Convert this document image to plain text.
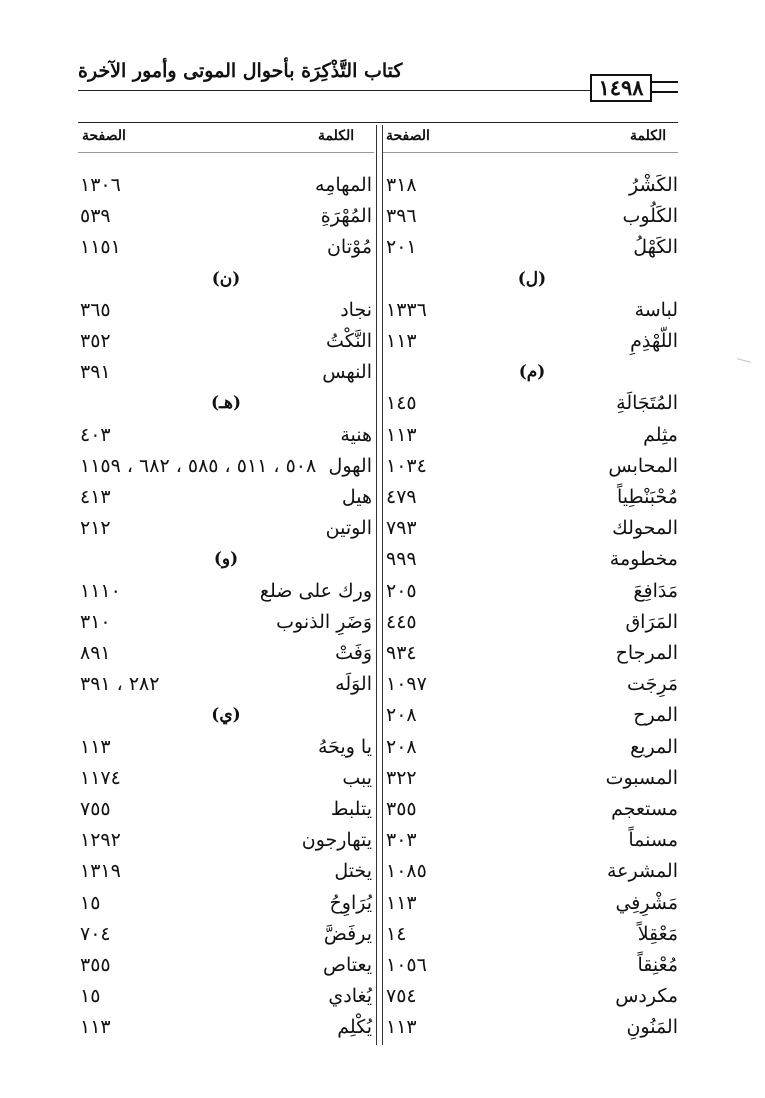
كتاب التَّذْكِرَة بأحوال الموتى وأمور الآخرة
١٤٩٨
الصفحة	الكلمة الصفحة	الكلمة
الكَشْرُ
٣١٨
الكَلُوب
٣٩٦
الكَهْلُ
٢٠١
(ل)
لباسة
١٣٣٦
اللّهْذِمِ
١١٣
(م)
المُتَجَالَةِ
١٤٥
مثِلم
١١٣
المحابس
١٠٣٤
مُحْبَنْطِياً
٤٧٩
المحولك
٧٩٣
مخطومة
٩٩٩
مَدَافِعَ
٢٠٥
المَرَاق
٤٤٥
المرجاح
٩٣٤
مَرِجَت
١٠٩٧
المرح
٢٠٨
المريع
٢٠٨
المسبوت
٣٢٢
مستعجم
٣٥٥
مسنماً
٣٠٣
المشرعة
١٠٨٥
مَشْرِفِي
١١٣
مَعْقِلاً
١٤
مُعْنِقاً
١٠٥٦
مكردس
٧٥٤
المَنُونِ
١١٣
المهامِه
١٣٠٦
المُهْرَةِ
٥٣٩
مُوْتان
١١٥١
(ن)
نجاد
٣٦٥
النَّكْتُ
٣٥٢
النهس
٣٩١
(هـ)
هنية
٤٠٣
الهول
٥٠٨ ، ٥١١ ، ٥٨٥ ، ٦٨٢ ، ١١٥٩
هيل
٤١٣
الوتين
٢١٢
(و)
ورك على ضلع
١١١٠
وَضَرِ الذنوب
٣١٠
وَفَتْ
٨٩١
الوَلَه
٢٨٢ ، ٣٩١
(ي)
يا ويحَهُ
١١٣
يبب
١١٧٤
يتلبط
٧٥٥
يتهارجون
١٢٩٢
يختل
١٣١٩
يُرَاوِحُ
١٥
يرفَضَّ
٧٠٤
يعتاص
٣٥٥
يُغادي
١٥
يُكْلِم
١١٣
